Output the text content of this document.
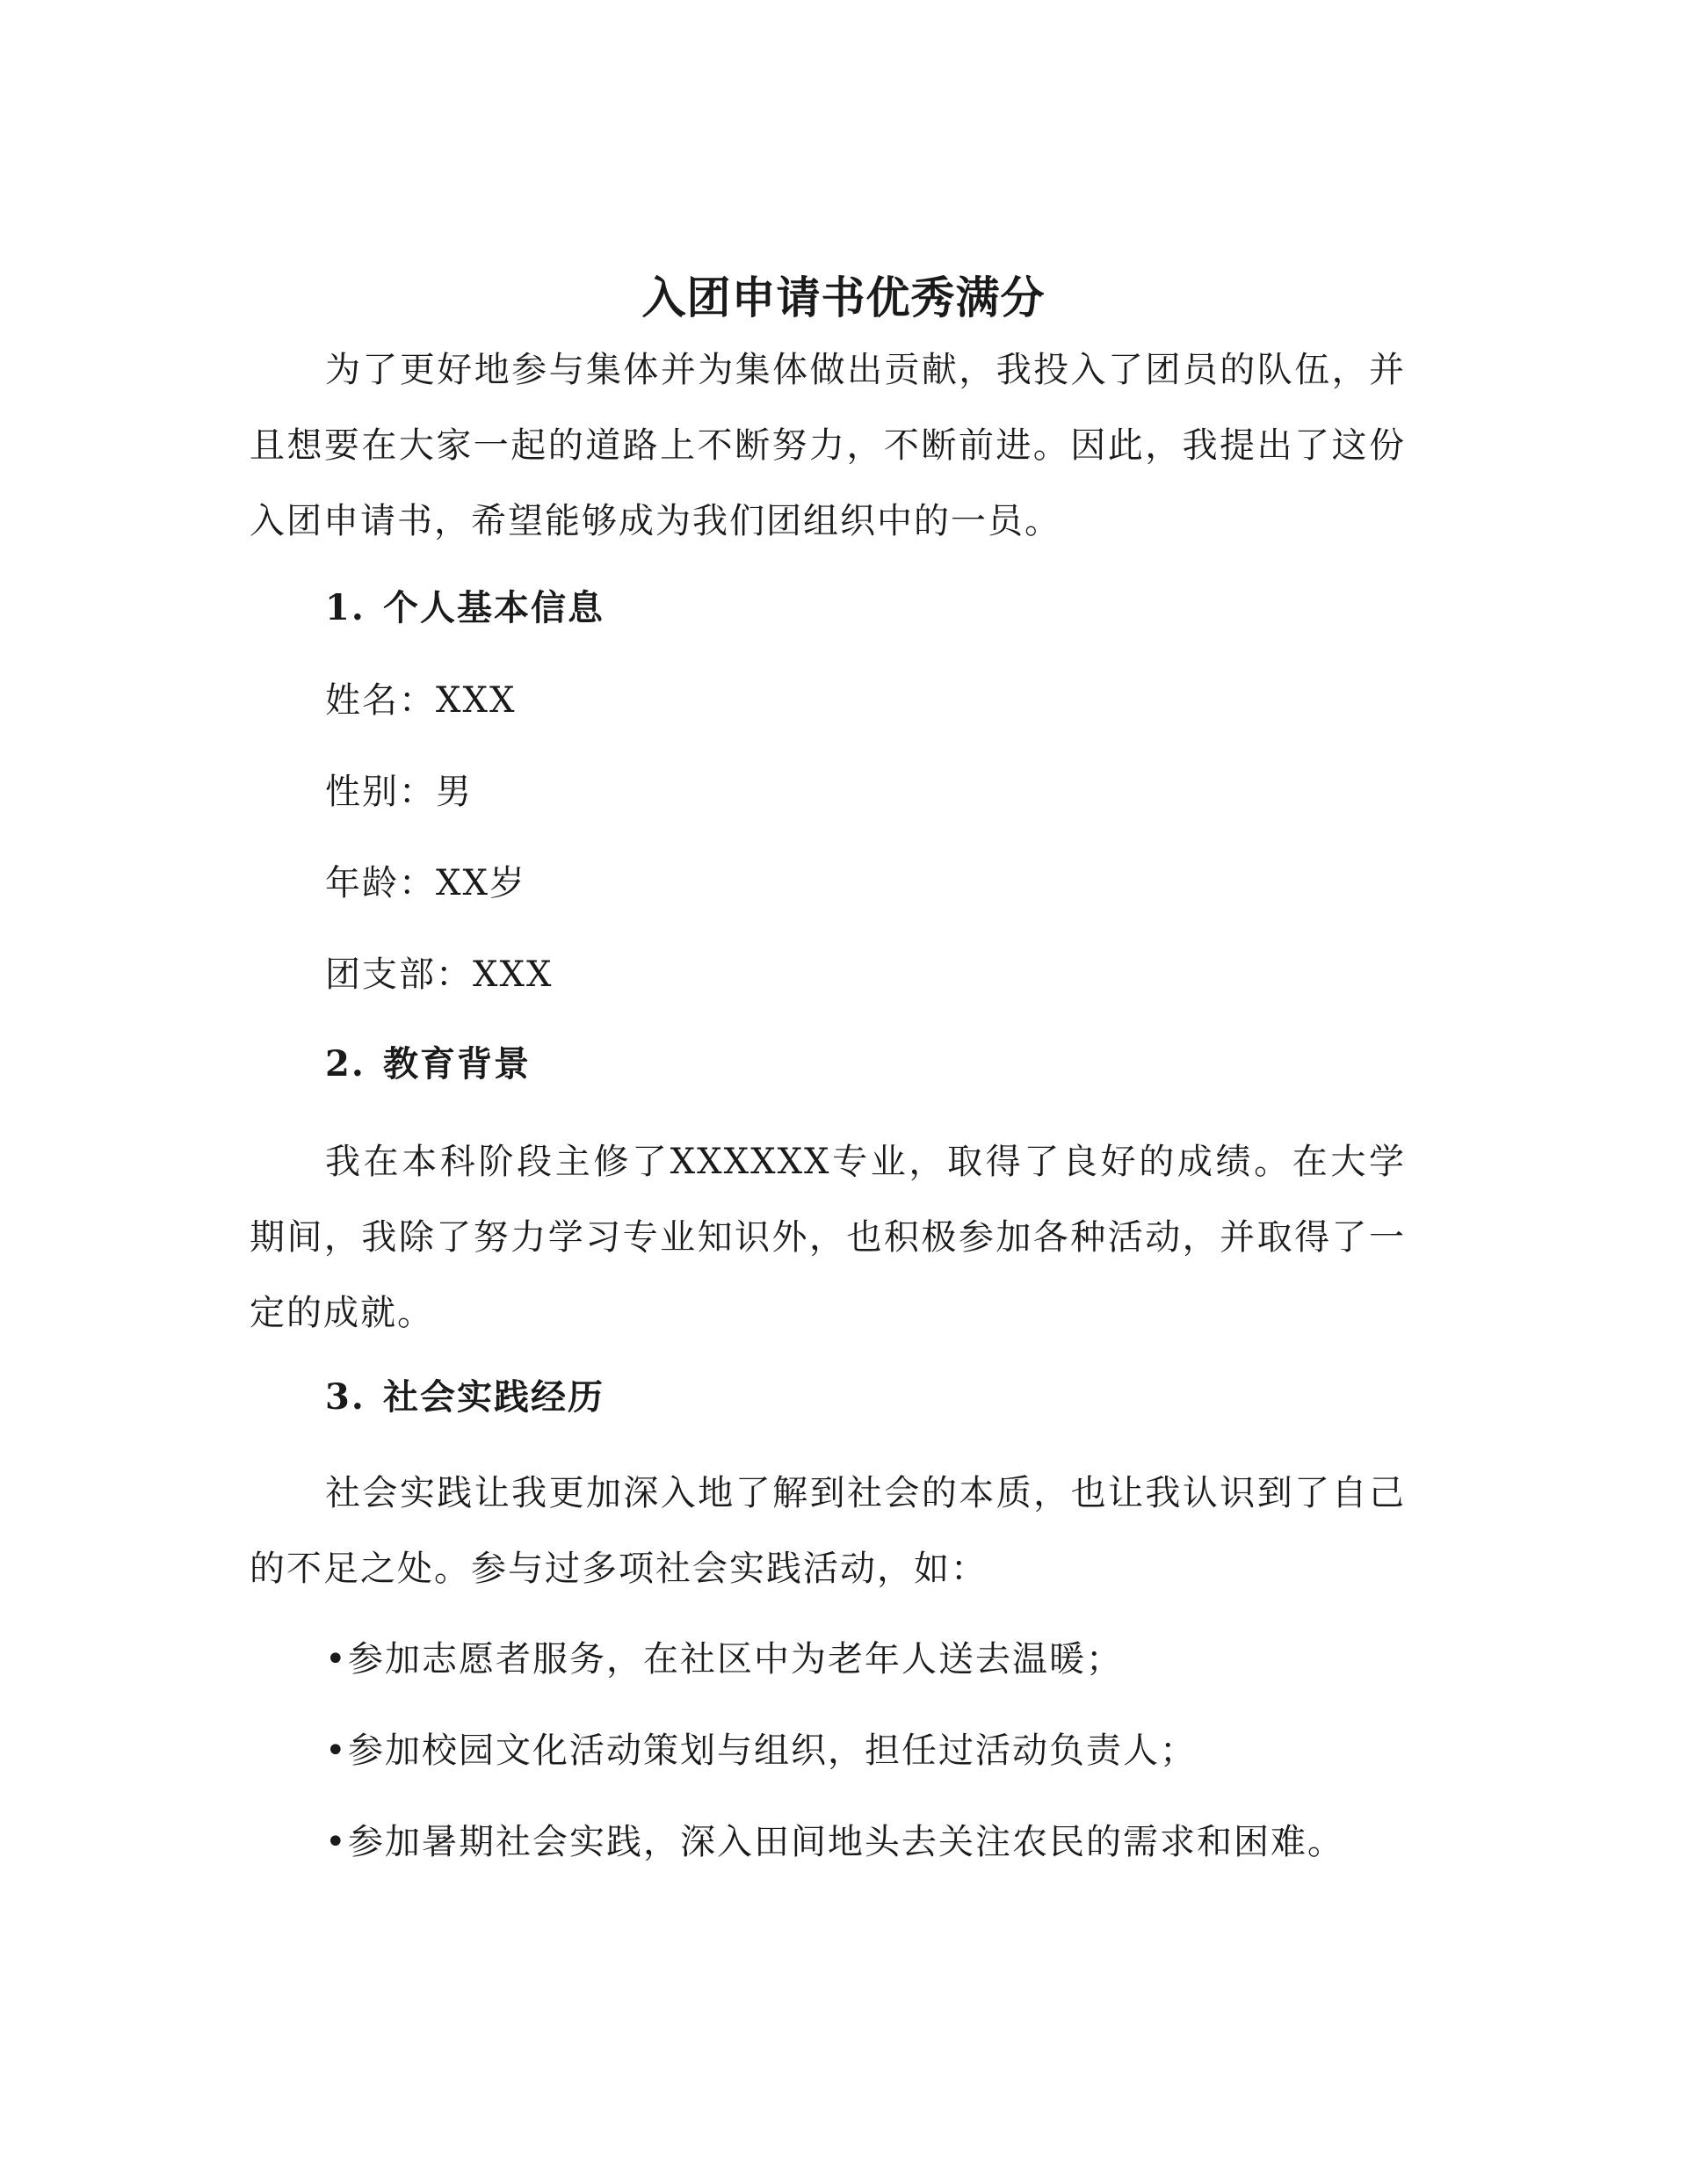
入团申请书优秀满分
为了更好地参与集体并为集体做出贡献，我投入了团员的队伍，并且想要在大家一起的道路上不断努力，不断前进。因此，我提出了这份入团申请书，希望能够成为我们团组织中的一员。
1. 个人基本信息
姓名：XXX
性别：男
年龄：XX岁
团支部：XXX
2. 教育背景
我在本科阶段主修了XXXXXX专业，取得了良好的成绩。在大学期间，我除了努力学习专业知识外，也积极参加各种活动，并取得了一定的成就。
3. 社会实践经历
社会实践让我更加深入地了解到社会的本质，也让我认识到了自己的不足之处。参与过多项社会实践活动，如：
•参加志愿者服务，在社区中为老年人送去温暖；
•参加校园文化活动策划与组织，担任过活动负责人；
•参加暑期社会实践，深入田间地头去关注农民的需求和困难。
